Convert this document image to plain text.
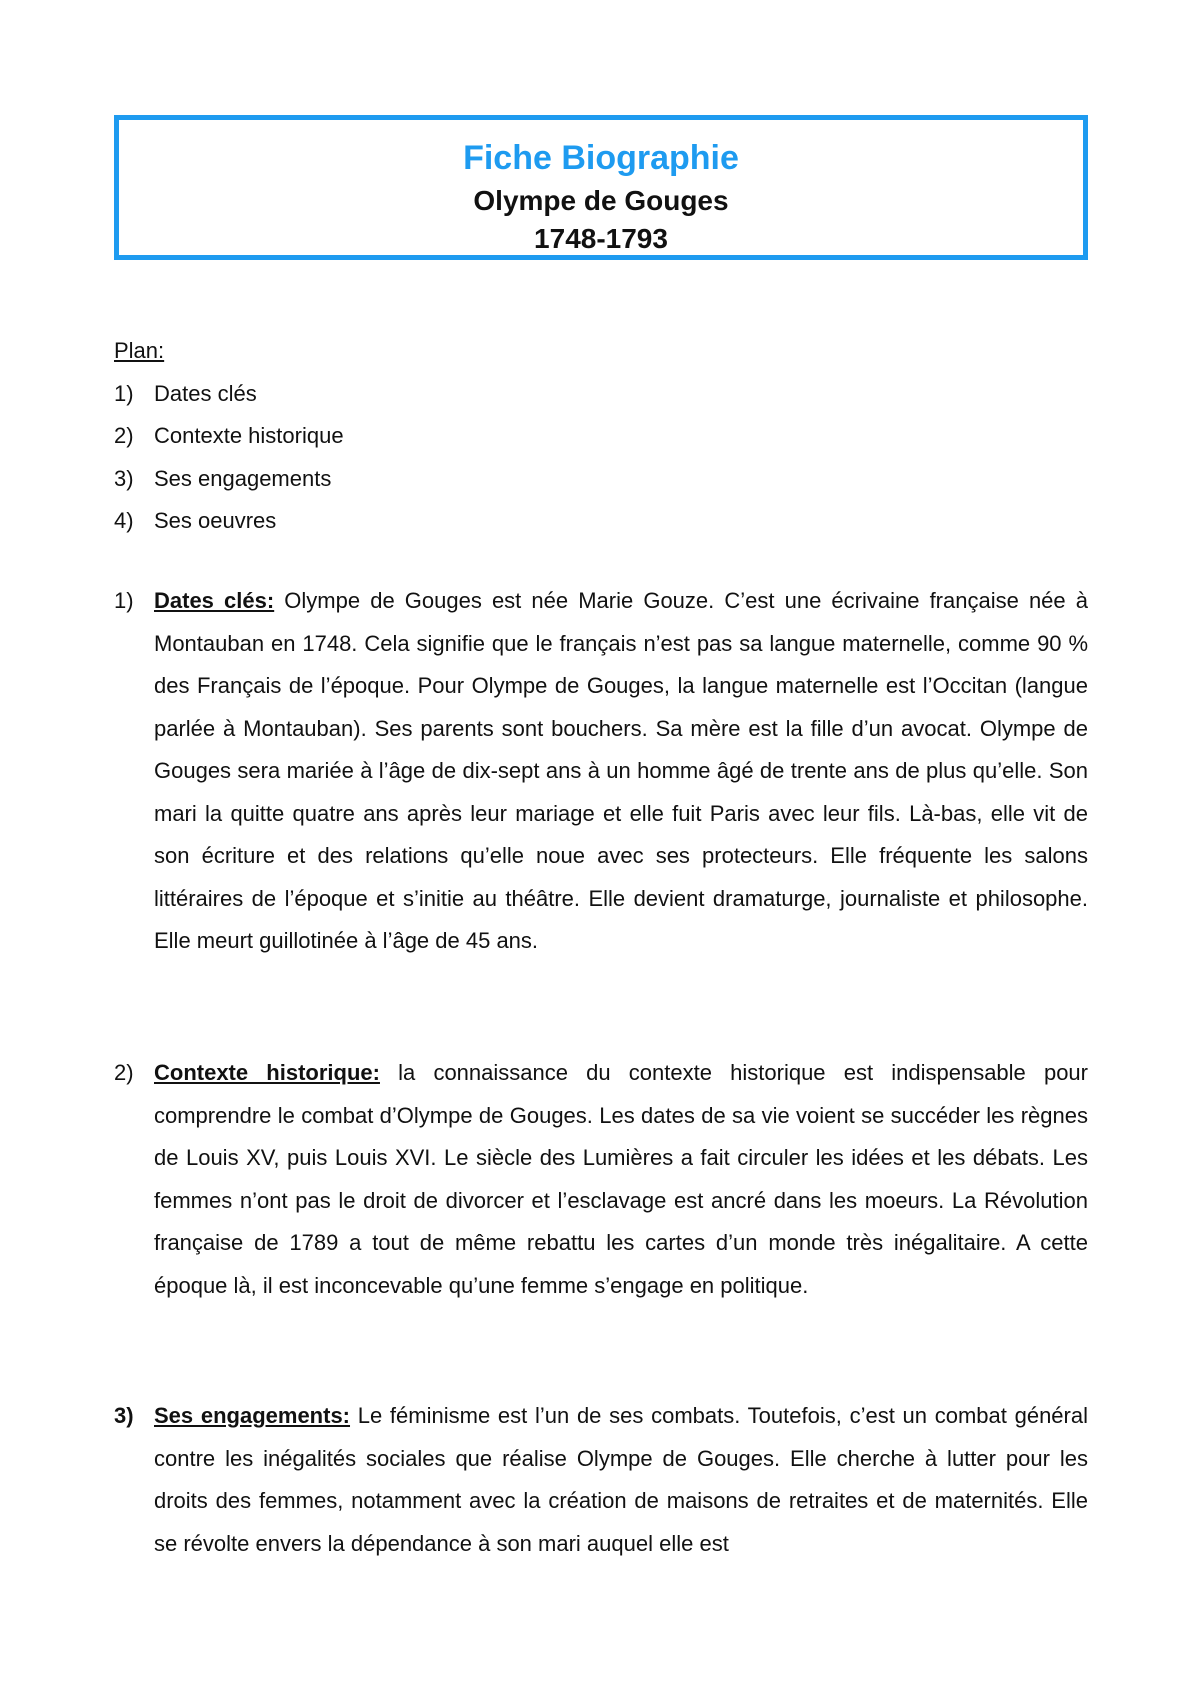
Fiche Biographie
Olympe de Gouges
1748-1793
Plan:
1) Dates clés
2) Contexte historique
3) Ses engagements
4) Ses oeuvres
1) Dates clés: Olympe de Gouges est née Marie Gouze. C’est une écrivaine française née à Montauban en 1748. Cela signifie que le français n’est pas sa langue maternelle, comme 90 % des Français de l’époque. Pour Olympe de Gouges, la langue maternelle est l’Occitan (langue parlée à Montauban). Ses parents sont bouchers. Sa mère est la fille d’un avocat. Olympe de Gouges sera mariée à l’âge de dix-sept ans à un homme âgé de trente ans de plus qu’elle. Son mari la quitte quatre ans après leur mariage et elle fuit Paris avec leur fils. Là-bas, elle vit de son écriture et des relations qu’elle noue avec ses protecteurs. Elle fréquente les salons littéraires de l’époque et s’initie au théâtre. Elle devient dramaturge, journaliste et philosophe. Elle meurt guillotinée à l’âge de 45 ans.
2) Contexte historique: la connaissance du contexte historique est indispensable pour comprendre le combat d’Olympe de Gouges. Les dates de sa vie voient se succéder les règnes de Louis XV, puis Louis XVI. Le siècle des Lumières a fait circuler les idées et les débats. Les femmes n’ont pas le droit de divorcer et l’esclavage est ancré dans les moeurs. La Révolution française de 1789 a tout de même rebattu les cartes d’un monde très inégalitaire. A cette époque là, il est inconcevable qu’une femme s’engage en politique.
3) Ses engagements: Le féminisme est l’un de ses combats. Toutefois, c’est un combat général contre les inégalités sociales que réalise Olympe de Gouges. Elle cherche à lutter pour les droits des femmes, notamment avec la création de maisons de retraites et de maternités. Elle se révolte envers la dépendance à son mari auquel elle est
